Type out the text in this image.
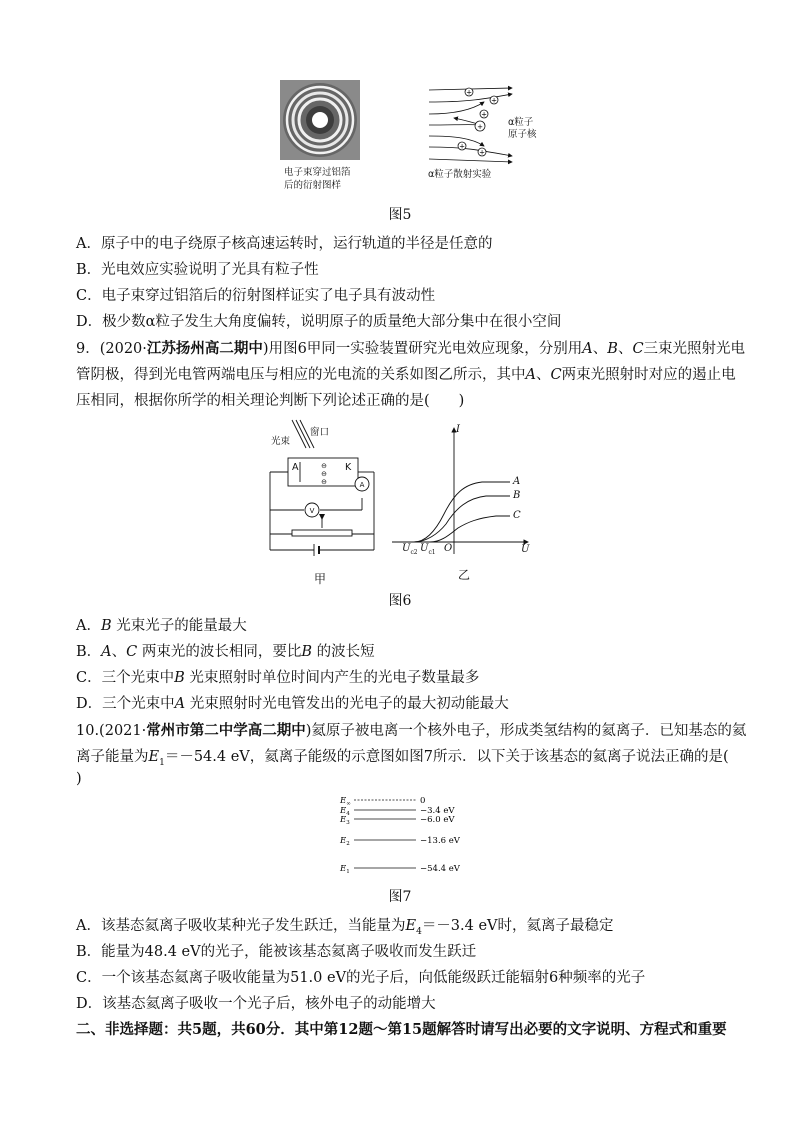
电子束穿过铝箔
后的衍射图样
+
+
+
+
+
+
α粒子
原子核
α粒子散射实验
图5
A．原子中的电子绕原子核高速运转时，运行轨道的半径是任意的
B．光电效应实验说明了光具有粒子性
C．电子束穿过铝箔后的衍射图样证实了电子具有波动性
D．极少数α粒子发生大角度偏转，说明原子的质量绝大部分集中在很小空间
9．(2020·江苏扬州高二期中)用图6甲同一实验装置研究光电效应现象，分别用A、B、C三束光照射光电
管阴极，得到光电管两端电压与相应的光电流的关系如图乙所示，其中A、C两束光照射时对应的遏止电
压相同，根据你所学的相关理论判断下列论述正确的是(　　)
A
V
⊖
⊖
⊖
光束
窗口
A	K
甲
I
U
O
$U_{c2}$ $U_{c1}$
A
B
C
乙
图6
A．B 光束光子的能量最大
B．A、C 两束光的波长相同，要比B 的波长短
C．三个光束中B 光束照射时单位时间内产生的光电子数量最多
D．三个光束中A 光束照射时光电管发出的光电子的最大初动能最大
10.(2021·常州市第二中学高二期中)氦原子被电离一个核外电子，形成类氢结构的氦离子．已知基态的氦
离子能量为$E_1=-54.4$ eV，氦离子能级的示意图如图7所示．以下关于该基态的氦离子说法正确的是(
)
$E_\infty$	0
$E_4$	−3.4 eV
$E_3$	−6.0 eV
$E_2$	−13.6 eV
$E_1$	−54.4 eV
图7
A．该基态氦离子吸收某种光子发生跃迁，当能量为$E_4=-3.4$ eV时，氦离子最稳定
B．能量为48.4 eV的光子，能被该基态氦离子吸收而发生跃迁
C．一个该基态氦离子吸收能量为51.0 eV的光子后，向低能级跃迁能辐射6种频率的光子
D．该基态氦离子吸收一个光子后，核外电子的动能增大
二、非选择题：共5题，共60分．其中第12题～第15题解答时请写出必要的文字说明、方程式和重要
